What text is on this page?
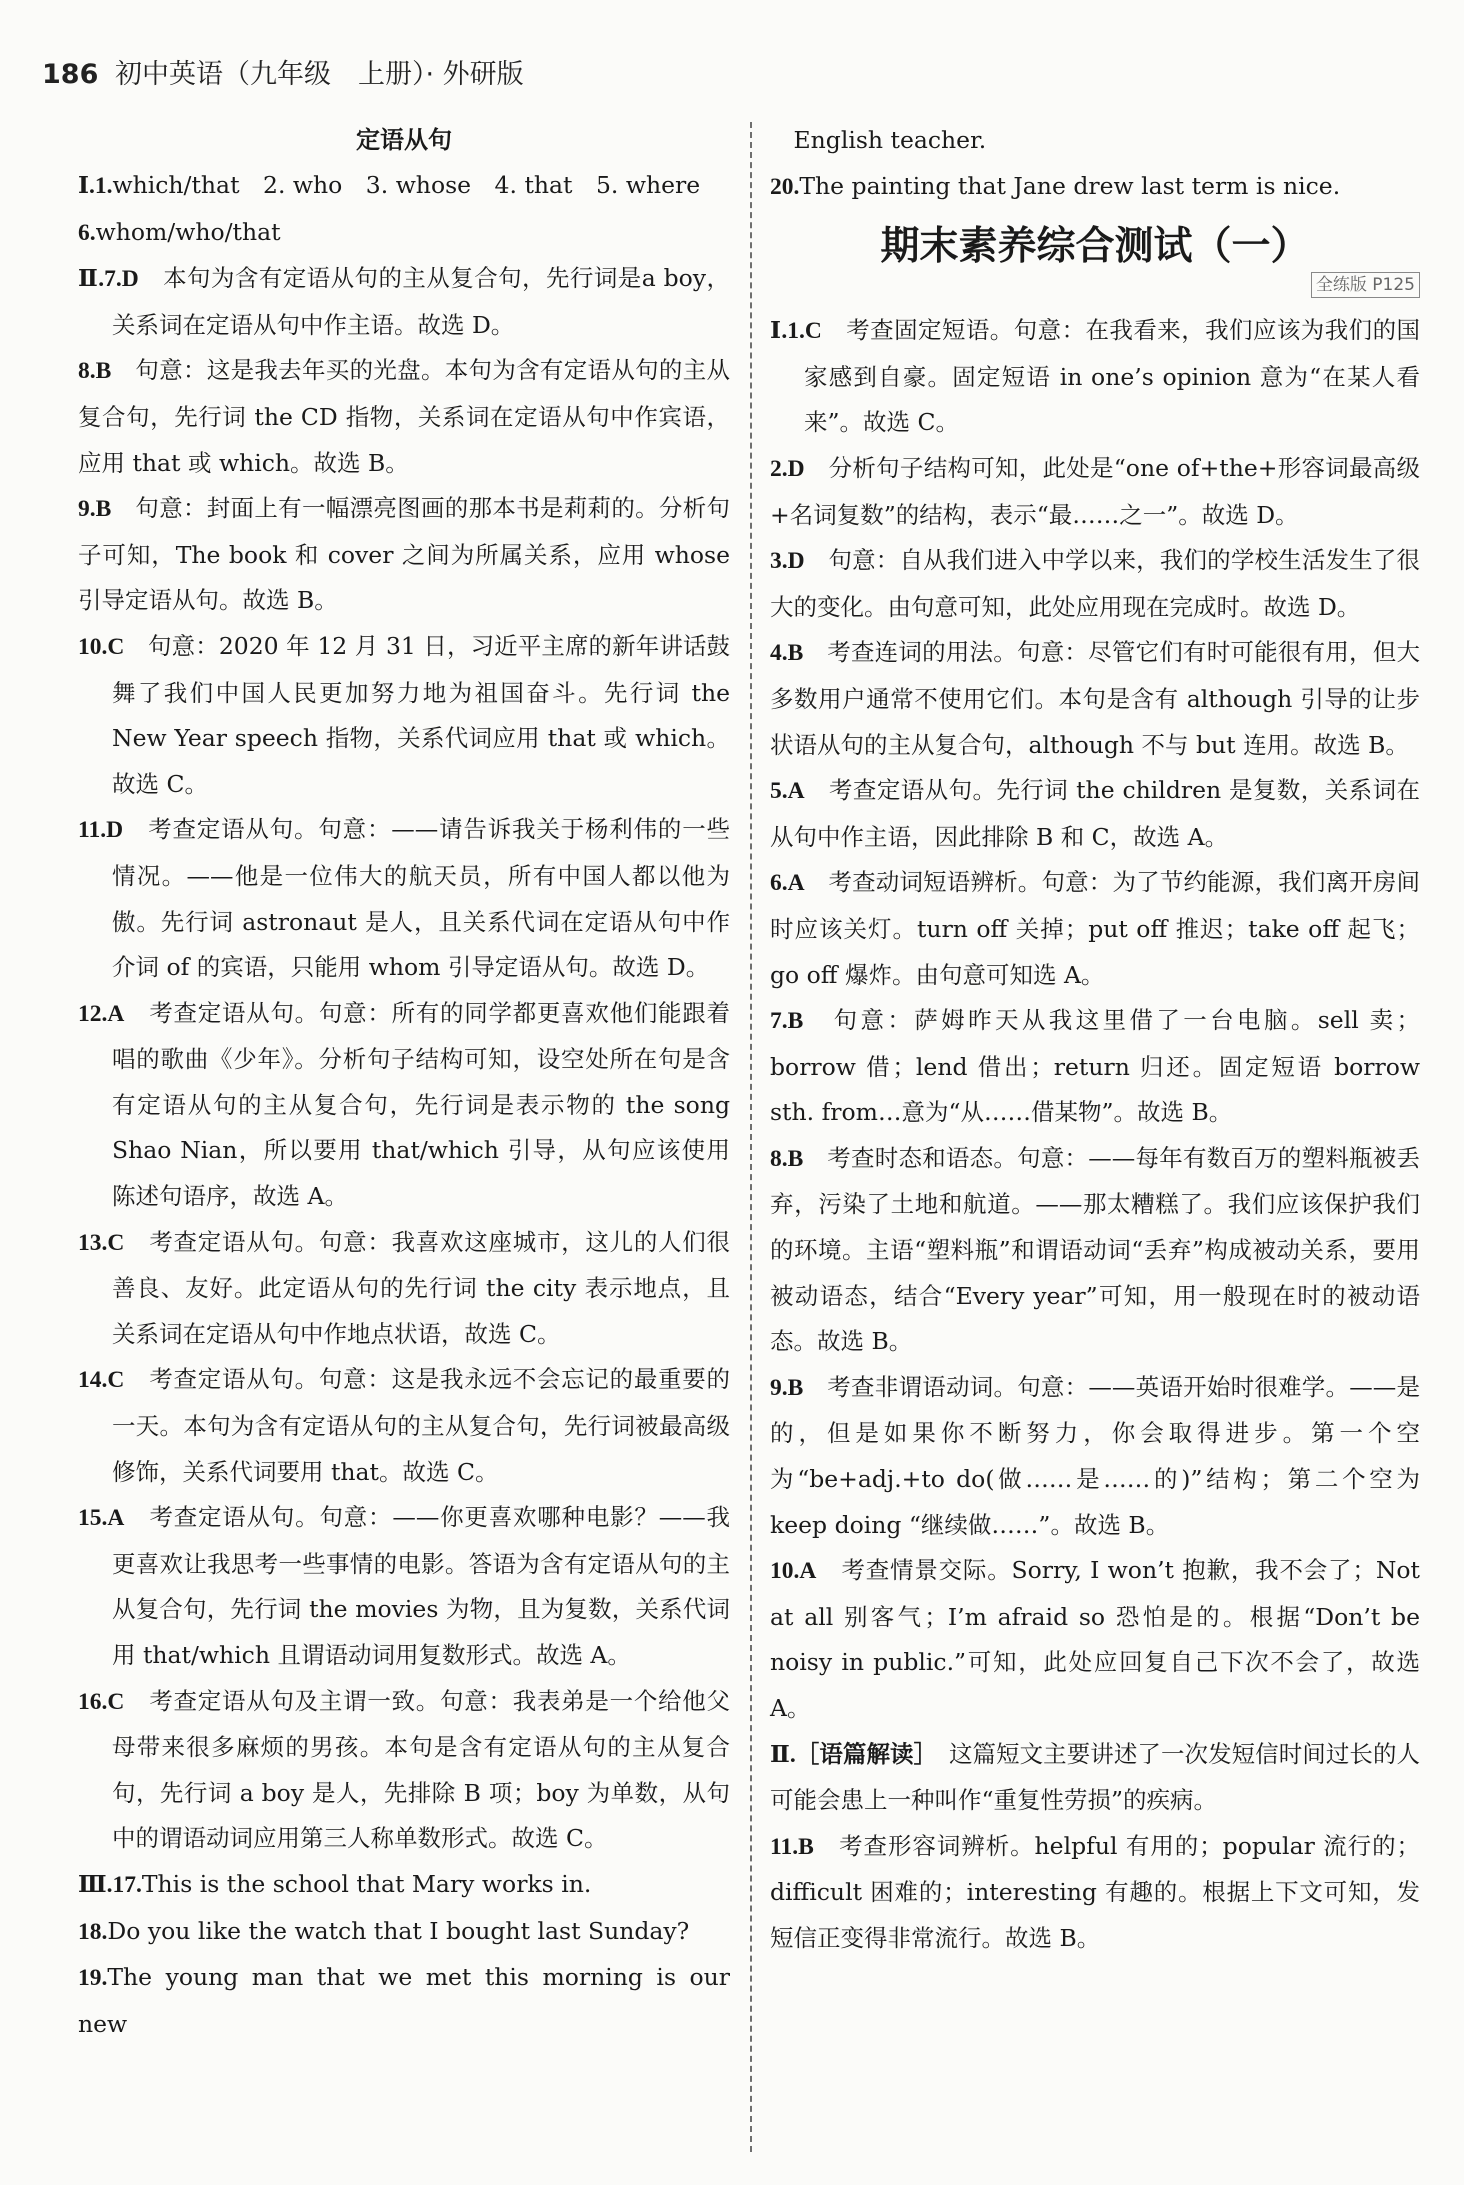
186 初中英语（九年级　上册）· 外研版
定语从句
Ⅰ.1.which/that　2. who　3. whose　4. that　5. where
6.whom/who/that
Ⅱ.7.D　 本句为含有定语从句的主从复合句，先行词是a boy，关系词在定语从句中作主语。故选 D。
8.B　 句意：这是我去年买的光盘。本句为含有定语从句的主从复合句，先行词 the CD 指物，关系词在定语从句中作宾语，应用 that 或 which。故选 B。
9.B　 句意：封面上有一幅漂亮图画的那本书是莉莉的。分析句子可知，The book 和 cover 之间为所属关系，应用 whose 引导定语从句。故选 B。
10.C　 句意：2020 年 12 月 31 日，习近平主席的新年讲话鼓舞了我们中国人民更加努力地为祖国奋斗。先行词 the New Year speech 指物，关系代词应用 that 或 which。故选 C。
11.D　 考查定语从句。句意：——请告诉我关于杨利伟的一些情况。——他是一位伟大的航天员，所有中国人都以他为傲。先行词 astronaut 是人，且关系代词在定语从句中作介词 of 的宾语，只能用 whom 引导定语从句。故选 D。
12.A　 考查定语从句。句意：所有的同学都更喜欢他们能跟着唱的歌曲《少年》。分析句子结构可知，设空处所在句是含有定语从句的主从复合句，先行词是表示物的 the song Shao Nian，所以要用 that/which 引导，从句应该使用陈述句语序，故选 A。
13.C　 考查定语从句。句意：我喜欢这座城市，这儿的人们很善良、友好。此定语从句的先行词 the city 表示地点，且关系词在定语从句中作地点状语，故选 C。
14.C　 考查定语从句。句意：这是我永远不会忘记的最重要的一天。本句为含有定语从句的主从复合句，先行词被最高级修饰，关系代词要用 that。故选 C。
15.A　 考查定语从句。句意：——你更喜欢哪种电影？——我更喜欢让我思考一些事情的电影。答语为含有定语从句的主从复合句，先行词 the movies 为物，且为复数，关系代词用 that/which 且谓语动词用复数形式。故选 A。
16.C　 考查定语从句及主谓一致。句意：我表弟是一个给他父母带来很多麻烦的男孩。本句是含有定语从句的主从复合句，先行词 a boy 是人，先排除 B 项；boy 为单数，从句中的谓语动词应用第三人称单数形式。故选 C。
Ⅲ.17.This is the school that Mary works in.
18.Do you like the watch that I bought last Sunday?
19.The young man that we met this morning is our new
　English teacher.
20.The painting that Jane drew last term is nice.
期末素养综合测试（一）
全练版 P125
Ⅰ.1.C　 考查固定短语。句意：在我看来，我们应该为我们的国家感到自豪。固定短语 in one’s opinion 意为“在某人看来”。故选 C。
2.D　 分析句子结构可知，此处是“one of+the+形容词最高级+名词复数”的结构，表示“最……之一”。故选 D。
3.D　 句意：自从我们进入中学以来，我们的学校生活发生了很大的变化。由句意可知，此处应用现在完成时。故选 D。
4.B　 考查连词的用法。句意：尽管它们有时可能很有用，但大多数用户通常不使用它们。本句是含有 although 引导的让步状语从句的主从复合句，although 不与 but 连用。故选 B。
5.A　 考查定语从句。先行词 the children 是复数，关系词在从句中作主语，因此排除 B 和 C，故选 A。
6.A　 考查动词短语辨析。句意：为了节约能源，我们离开房间时应该关灯。turn off 关掉；put off 推迟；take off 起飞；go off 爆炸。由句意可知选 A。
7.B　 句意：萨姆昨天从我这里借了一台电脑。sell 卖；borrow 借；lend 借出；return 归还。固定短语 borrow sth. from…意为“从……借某物”。故选 B。
8.B　 考查时态和语态。句意：——每年有数百万的塑料瓶被丢弃，污染了土地和航道。——那太糟糕了。我们应该保护我们的环境。主语“塑料瓶”和谓语动词“丢弃”构成被动关系，要用被动语态，结合“Every year”可知，用一般现在时的被动语态。故选 B。
9.B　 考查非谓语动词。句意：——英语开始时很难学。——是的，但是如果你不断努力，你会取得进步。第一个空为“be+adj.+to do(做……是……的)”结构；第二个空为 keep doing “继续做……”。故选 B。
10.A　 考查情景交际。Sorry, I won’t 抱歉，我不会了；Not at all 别客气；I’m afraid so 恐怕是的。根据“Don’t be noisy in public.”可知，此处应回复自己下次不会了，故选 A。
Ⅱ.［语篇解读］　 这篇短文主要讲述了一次发短信时间过长的人可能会患上一种叫作“重复性劳损”的疾病。
11.B　 考查形容词辨析。helpful 有用的；popular 流行的；difficult 困难的；interesting 有趣的。根据上下文可知，发短信正变得非常流行。故选 B。
